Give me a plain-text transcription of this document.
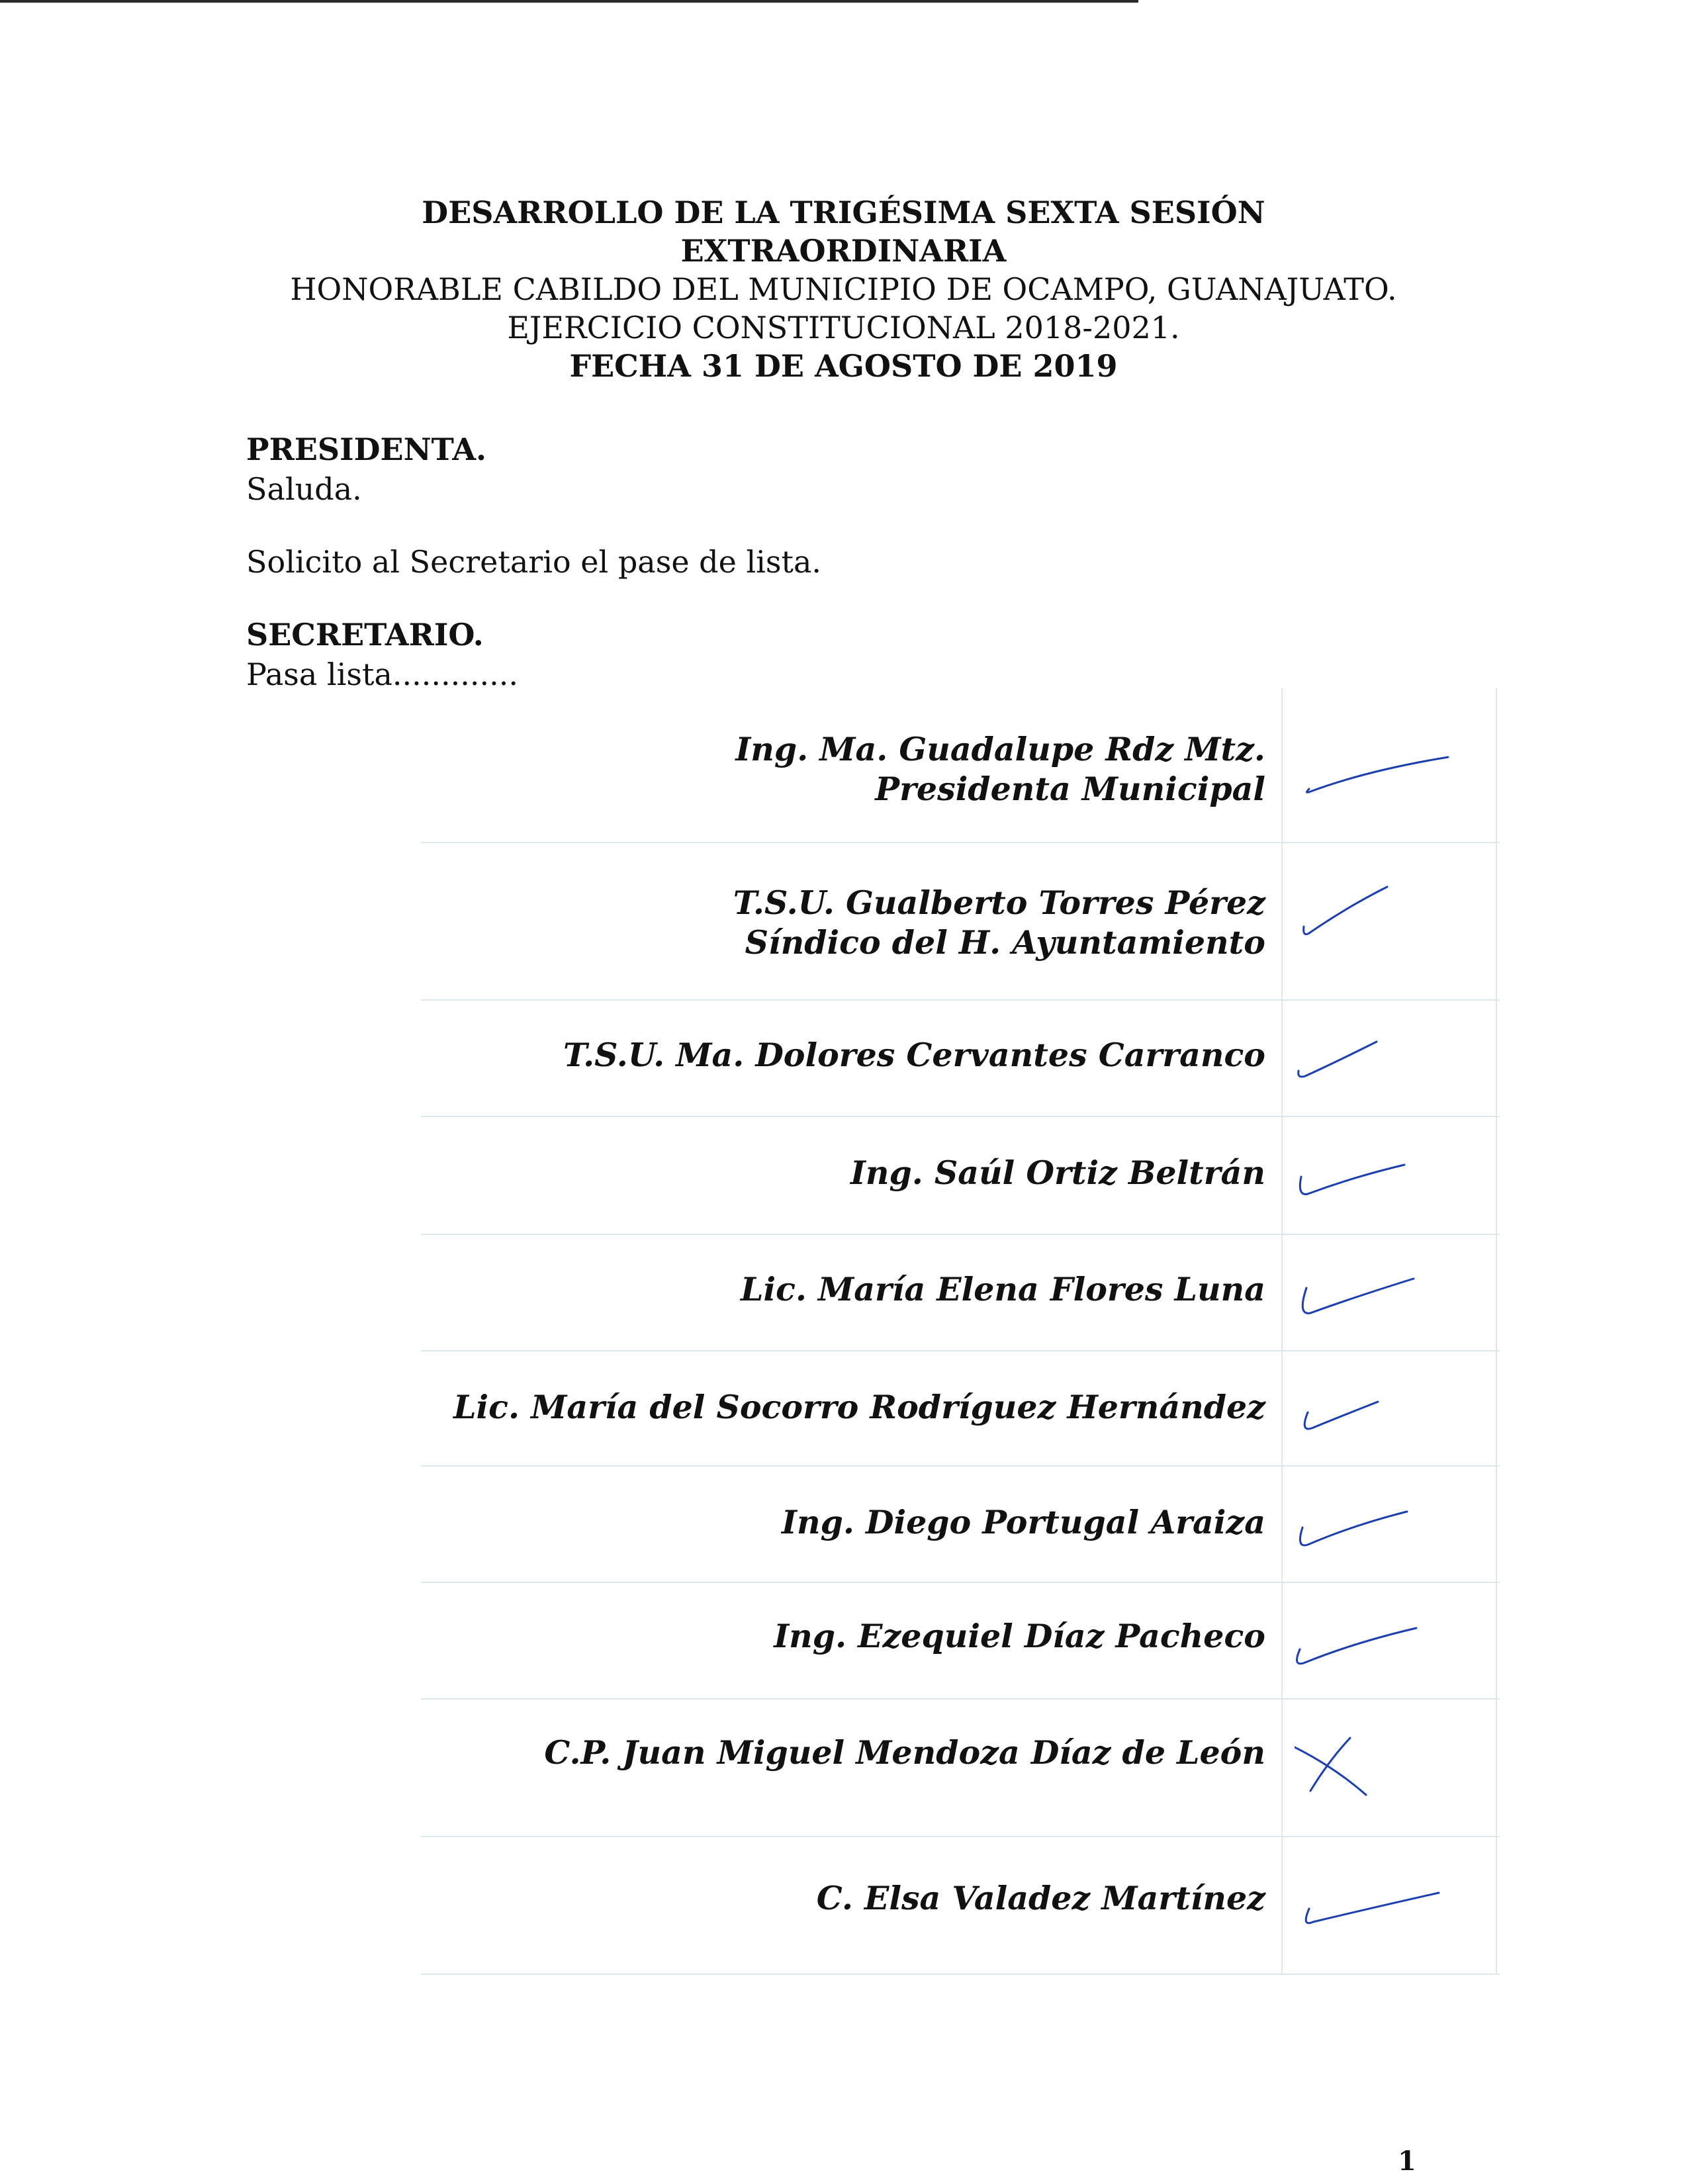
DESARROLLO DE LA TRIGÉSIMA SEXTA SESIÓN
EXTRAORDINARIA
HONORABLE CABILDO DEL MUNICIPIO DE OCAMPO, GUANAJUATO.
EJERCICIO CONSTITUCIONAL 2018-2021.
FECHA 31 DE AGOSTO DE 2019
PRESIDENTA.
Saluda.
Solicito al Secretario el pase de lista.
SECRETARIO.
Pasa lista.............
Ing. Ma. Guadalupe Rdz Mtz.
Presidenta Municipal
T.S.U. Gualberto Torres Pérez
Síndico del H. Ayuntamiento
T.S.U. Ma. Dolores Cervantes Carranco
Ing. Saúl Ortiz Beltrán
Lic. María Elena Flores Luna
Lic. María del Socorro Rodríguez Hernández
Ing. Diego Portugal Araiza
Ing. Ezequiel Díaz Pacheco
C.P. Juan Miguel Mendoza Díaz de León
C. Elsa Valadez Martínez
1
